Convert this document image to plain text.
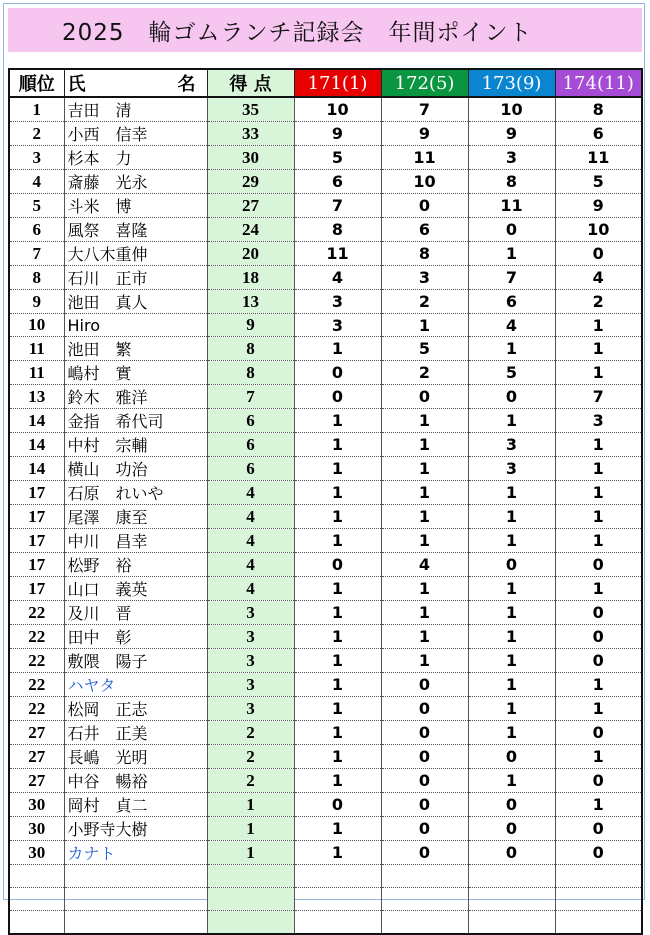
2025　輪ゴムランチ記録会　年間ポイント
順位	氏 名	得 点	171(1)	172(5)	173(9)	174(11)
1	吉田　清	35	10	7	10	8
2	小西　信幸	33	9	9	9	6
3	杉本　力	30	5	11	3	11
4	斎藤　光永	29	6	10	8	5
5	斗米　博	27	7	0	11	9
6	風祭　喜隆	24	8	6	0	10
7	大八木重伸	20	11	8	1	0
8	石川　正市	18	4	3	7	4
9	池田　真人	13	3	2	6	2
10	Hiro	9	3	1	4	1
11	池田　繁	8	1	5	1	1
11	嶋村　實	8	0	2	5	1
13	鈴木　雅洋	7	0	0	0	7
14	金指　希代司	6	1	1	1	3
14	中村　宗輔	6	1	1	3	1
14	横山　功治	6	1	1	3	1
17	石原　れいや	4	1	1	1	1
17	尾澤　康至	4	1	1	1	1
17	中川　昌幸	4	1	1	1	1
17	松野　裕	4	0	4	0	0
17	山口　義英	4	1	1	1	1
22	及川　晋	3	1	1	1	0
22	田中　彰	3	1	1	1	0
22	敷隈　陽子	3	1	1	1	0
22	ハヤタ	3	1	0	1	1
22	松岡　正志	3	1	0	1	1
27	石井　正美	2	1	0	1	0
27	長嶋　光明	2	1	0	0	1
27	中谷　暢裕	2	1	0	1	0
30	岡村　貞二	1	0	0	0	1
30	小野寺大樹	1	1	0	0	0
30	カナト	1	1	0	0	0
